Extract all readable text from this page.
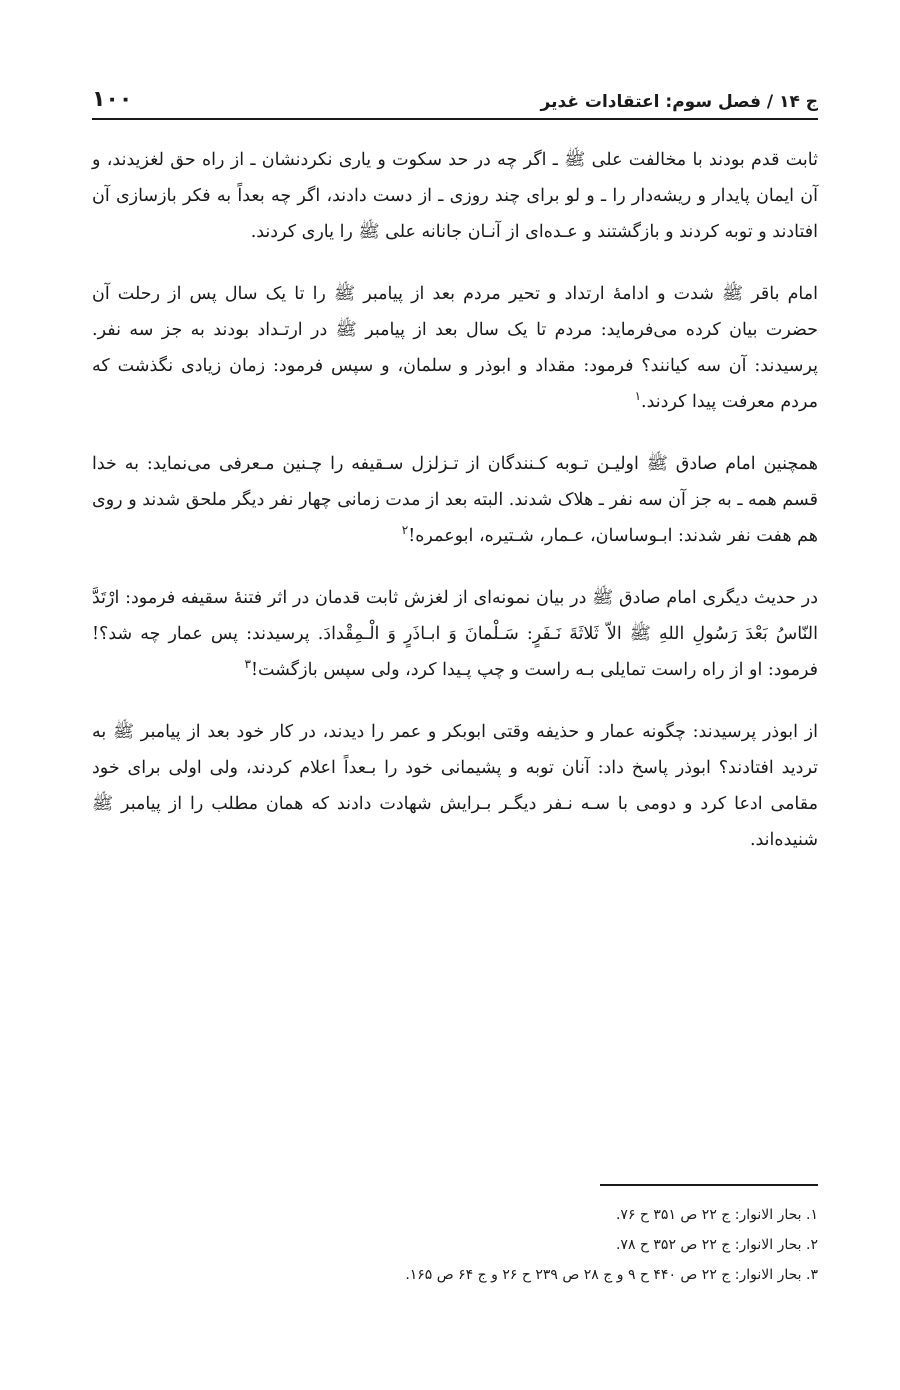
ج ۱۴ / فصل سوم: اعتقادات غدیر
۱۰۰

ثابت قدم بودند با مخالفت علی ﷺ ـ اگر چه در حد سکوت و یاری نکردنشان ـ از راه حق لغزیدند، و آن ایمان پایدار و ریشه‌دار را ـ و لو برای چند روزی ـ از دست دادند، اگر چه بعداً به فکر بازسازی آن افتادند و توبه کردند و بازگشتند و عـده‌ای از آنـان جانانه علی ﷺ را یاری کردند.

امام باقر ﷺ شدت و ادامهٔ ارتداد و تحیر مردم بعد از پیامبر ﷺ را تا یک سال پس از رحلت آن حضرت بیان کرده می‌فرماید: مردم تا یک سال بعد از پیامبر ﷺ در ارتـداد بودند به جز سه نفر. پرسیدند: آن سه کیانند؟ فرمود: مقداد و ابوذر و سلمان، و سپس فرمود: زمان زیادی نگذشت که مردم معرفت پیدا کردند.$^۱$

همچنین امام صادق ﷺ اولیـن تـوبه کـنندگان از تـزلزل سـقیفه را چـنین مـعرفی می‌نماید: به خدا قسم همه ـ به جز آن سه نفر ـ هلاک شدند. البته بعد از مدت زمانی چهار نفر دیگر ملحق شدند و روی هم هفت نفر شدند: ابـوساسان، عـمار، شـتیره، ابوعمره!$^۲$

در حدیث دیگری امام صادق ﷺ در بیان نمونه‌ای از لغزش ثابت قدمان در اثر فتنهٔ سقیفه فرمود: ارْتَدَّ النّاسُ بَعْدَ رَسُولِ اللهِ ﷺ الاّ ثَلاثَةَ نَـفَرٍ: سَـلْمانَ وَ ابـاذَرٍ وَ الْـمِقْدادَ. پرسیدند: پس عمار چه شد؟! فرمود: او از راه راست تمایلی بـه راست و چپ پـیدا کرد، ولی سپس بازگشت!$^۳$

از ابوذر پرسیدند: چگونه عمار و حذیفه وقتی ابوبکر و عمر را دیدند، در کار خود بعد از پیامبر ﷺ به تردید افتادند؟ ابوذر پاسخ داد: آنان توبه و پشیمانی خود را بـعداً اعلام کردند، ولی اولی برای خود مقامی ادعا کرد و دومی با سـه نـفر دیگـر بـرایش شهادت دادند که همان مطلب را از پیامبر ﷺ شنیده‌اند.

۱. بحار الانوار: ج ۲۲ ص ۳۵۱ ح ۷۶.
۲. بحار الانوار: ج ۲۲ ص ۳۵۲ ح ۷۸.
۳. بحار الانوار: ج ۲۲ ص ۴۴۰ ح ۹ و ج ۲۸ ص ۲۳۹ ح ۲۶ و ج ۶۴ ص ۱۶۵.
